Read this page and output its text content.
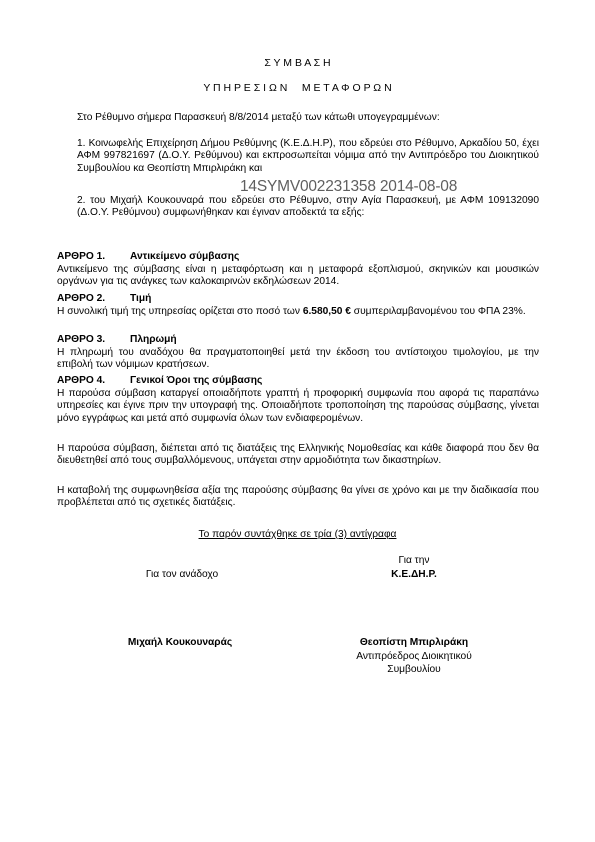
Σ Υ Μ Β Α Σ Η
Υ Π Η Ρ Ε Σ Ι Ω Ν     Μ Ε Τ Α Φ Ο Ρ Ω Ν
Στο Ρέθυμνο σήμερα Παρασκευή 8/8/2014 μεταξύ των κάτωθι υπογεγραμμένων:
1. Κοινωφελής Επιχείρηση Δήμου Ρεθύμνης (Κ.Ε.Δ.Η.Ρ), που εδρεύει στο Ρέθυμνο, Αρκαδίου 50, έχει ΑΦΜ 997821697 (Δ.Ο.Υ. Ρεθύμνου) και εκπροσωπείται νόμιμα από την Αντιπρόεδρο του Διοικητικού Συμβουλίου κα Θεοπίστη Μπιρλιράκη και
14SYMV002231358 2014-08-08
2. του Μιχαήλ Κουκουναρά που εδρεύει στο Ρέθυμνο, στην Αγία Παρασκευή, με ΑΦΜ 109132090 (Δ.Ο.Υ. Ρεθύμνου) συμφωνήθηκαν και έγιναν αποδεκτά τα εξής:
ΑΡΘΡΟ 1. Αντικείμενο σύμβασης
Αντικείμενο της σύμβασης είναι η μεταφόρτωση και η μεταφορά εξοπλισμού, σκηνικών και μουσικών οργάνων για τις ανάγκες των καλοκαιρινών εκδηλώσεων 2014.
ΑΡΘΡΟ 2. Τιμή
Η συνολική τιμή της υπηρεσίας ορίζεται στο ποσό των 6.580,50 € συμπεριλαμβανομένου του ΦΠΑ 23%.
ΑΡΘΡΟ 3. Πληρωμή
Η πληρωμή του αναδόχου θα πραγματοποιηθεί μετά την έκδοση του αντίστοιχου τιμολογίου, με την επιβολή των νόμιμων κρατήσεων.
ΑΡΘΡΟ 4. Γενικοί Όροι της σύμβασης
Η παρούσα σύμβαση καταργεί οποιαδήποτε γραπτή ή προφορική συμφωνία που αφορά τις παραπάνω υπηρεσίες και έγινε πριν την υπογραφή της. Οποιαδήποτε τροποποίηση της παρούσας σύμβασης, γίνεται μόνο εγγράφως και μετά από συμφωνία όλων των ενδιαφερομένων.
Η παρούσα σύμβαση, διέπεται από τις διατάξεις της Ελληνικής Νομοθεσίας και κάθε διαφορά που δεν θα διευθετηθεί από τους συμβαλλόμενους, υπάγεται στην αρμοδιότητα των δικαστηρίων.
Η καταβολή της συμφωνηθείσα αξία της παρούσης σύμβασης θα γίνει σε χρόνο και με την διαδικασία που προβλέπεται από τις σχετικές διατάξεις.
Το παρόν συντάχθηκε σε τρία (3) αντίγραφα
Για την
Για τον ανάδοχο	Κ.Ε.ΔΗ.Ρ.
Μιχαήλ Κουκουναράς	Θεοπίστη Μπιρλιράκη
Αντιπρόεδρος Διοικητικού
Συμβουλίου
